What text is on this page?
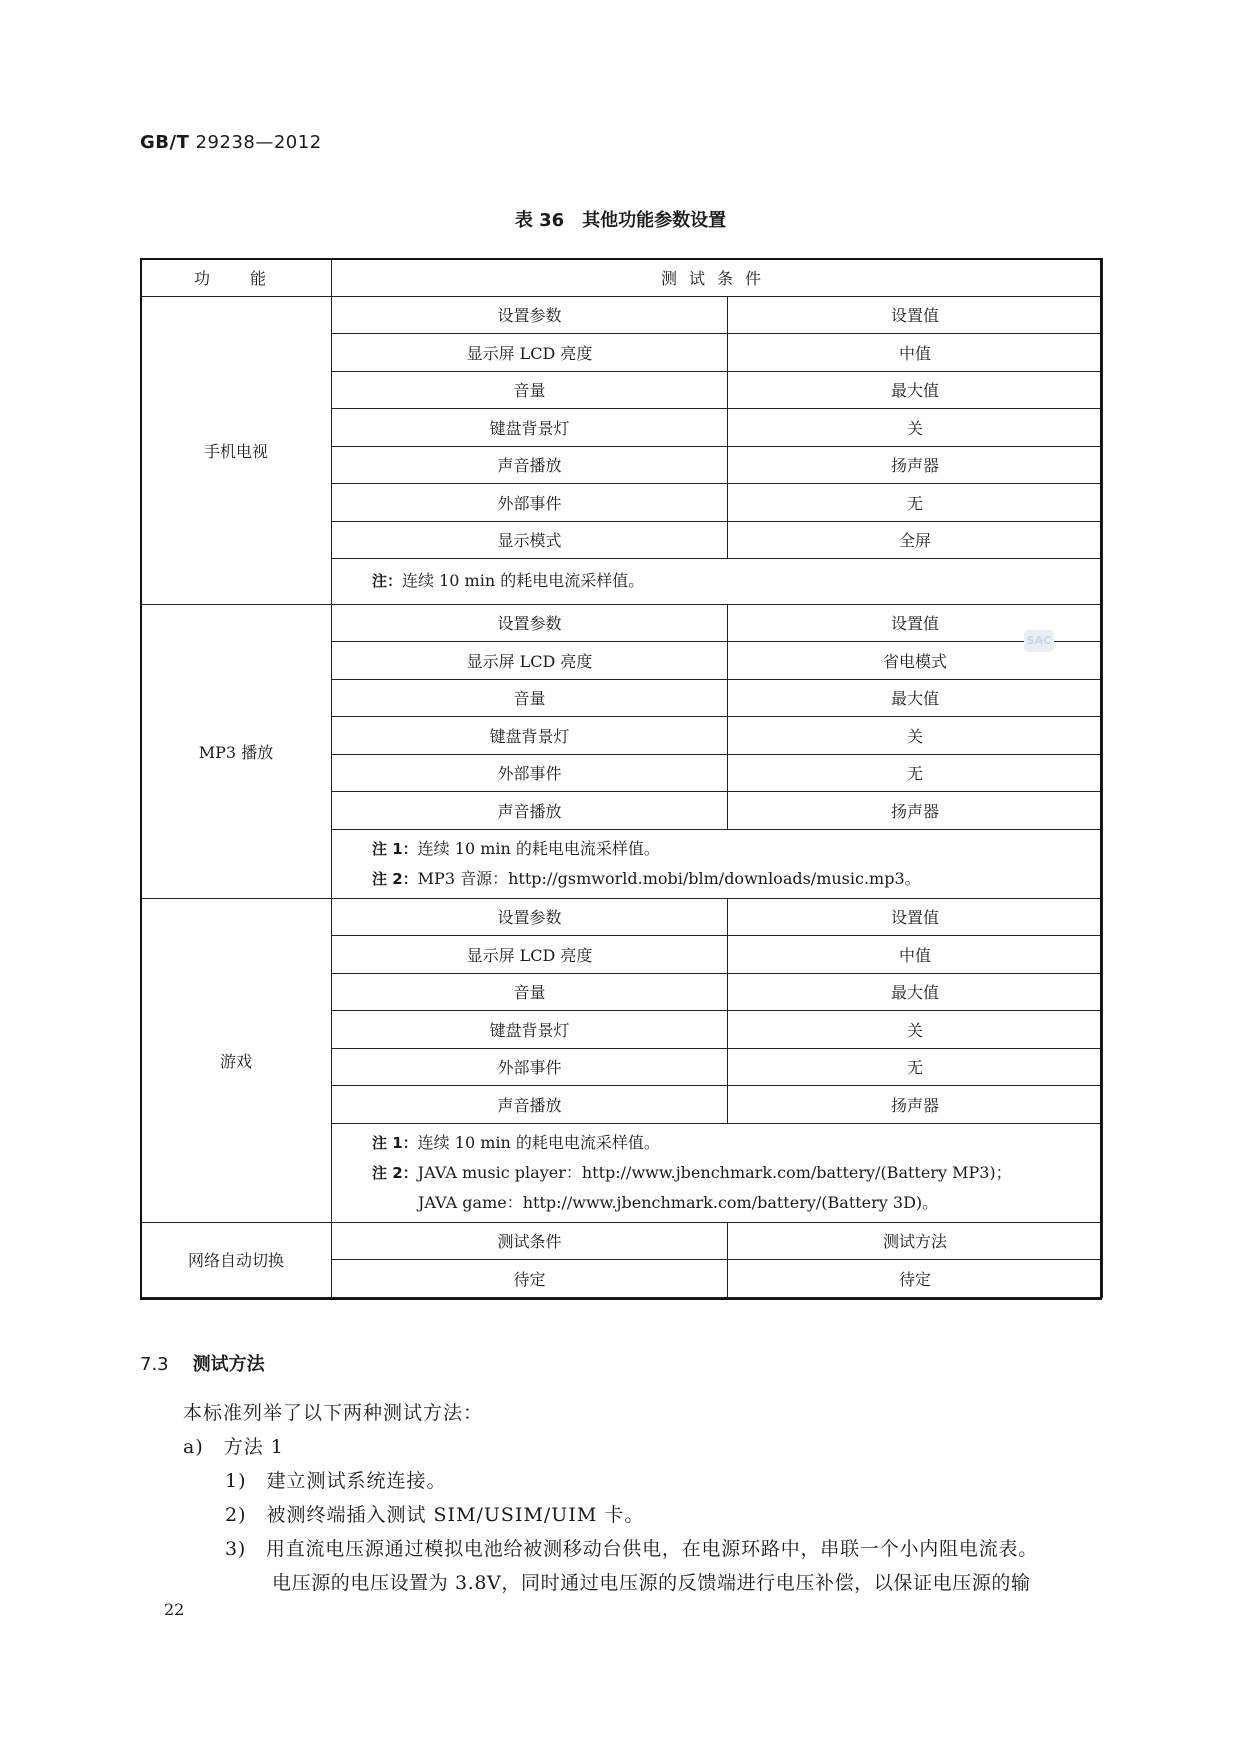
GB/T 29238—2012
表 36　其他功能参数设置
功　能	测试条件	
手机电视	设置参数	设置值
	显示屏 LCD 亮度	中值
	音量	最大值
	键盘背景灯	关
	声音播放	扬声器
	外部事件	无
	显示模式	全屏

	注：连续 10 min 的耗电电流采样值。	

MP3 播放	设置参数	设置值
	显示屏 LCD 亮度	省电模式
	音量	最大值
	键盘背景灯	关
	外部事件	无
	声音播放	扬声器

	注 1：连续 10 min 的耗电电流采样值。
注 2：MP3 音源：http://gsmworld.mobi/blm/downloads/music.mp3。	

游戏	设置参数	设置值
	显示屏 LCD 亮度	中值
	音量	最大值
	键盘背景灯	关
	外部事件	无
	声音播放	扬声器

	注 1：连续 10 min 的耗电电流采样值。
注 2：JAVA music player：http://www.jbenchmark.com/battery/(Battery MP3)；
JAVA game：http://www.jbenchmark.com/battery/(Battery 3D)。	

网络自动切换	测试条件	测试方法
	待定	待定
SAC
7.3 测试方法
本标准列举了以下两种测试方法：
a)　方法 1
1)　建立测试系统连接。
2)　被测终端插入测试 SIM/USIM/UIM 卡。
3)　用直流电压源通过模拟电池给被测移动台供电，在电源环路中，串联一个小内阻电流表。
电压源的电压设置为 3.8V，同时通过电压源的反馈端进行电压补偿，以保证电压源的输
22
